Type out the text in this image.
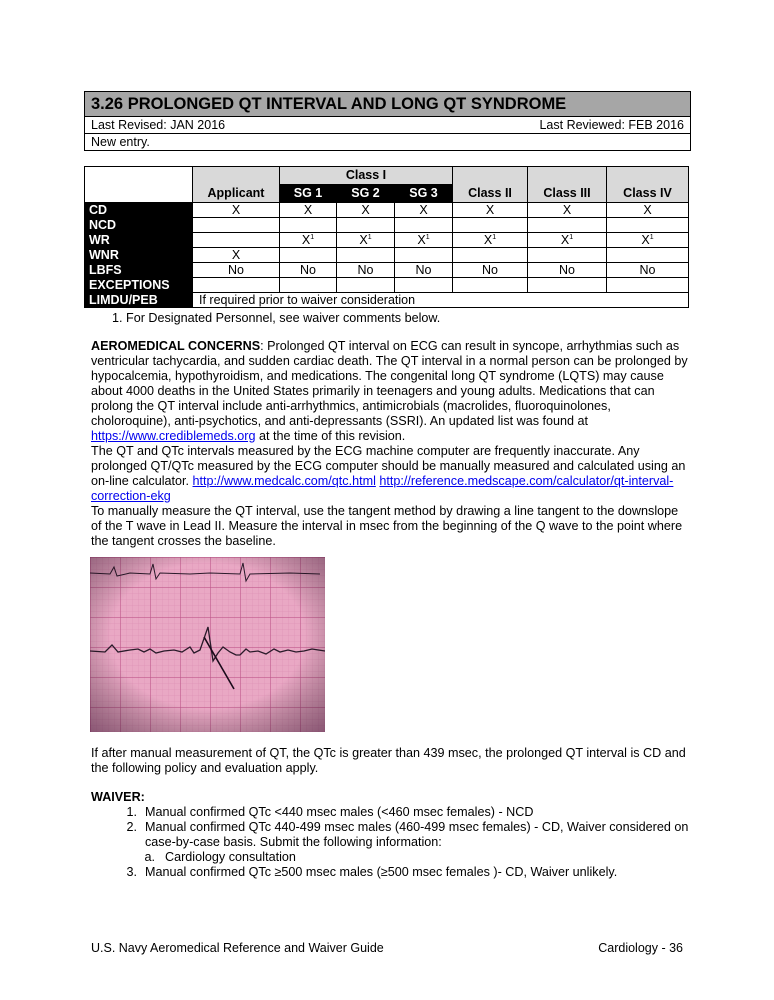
3.26 PROLONGED QT INTERVAL AND LONG QT SYNDROME
Last Revised: JAN 2016	Last Reviewed: FEB 2016
New entry.
	Applicant	Class I			Class II	Class III	Class IV
		SG 1	SG 2	SG 3			
CD	X	X	X	X	X	X	X
NCD							
WR		$X^1$	$X^1$	$X^1$	$X^1$	$X^1$	$X^1$
WNR	X						
LBFS	No	No	No	No	No	No	No
EXCEPTIONS							
LIMDU/PEB	If required prior to waiver consideration						
1. For Designated Personnel, see waiver comments below.
AEROMEDICAL CONCERNS: Prolonged QT interval on ECG can result in syncope, arrhythmias such as ventricular tachycardia, and sudden cardiac death. The QT interval in a normal person can be prolonged by hypocalcemia, hypothyroidism, and medications. The congenital long QT syndrome (LQTS) may cause about 4000 deaths in the United States primarily in teenagers and young adults. Medications that can prolong the QT interval include anti-arrhythmics, antimicrobials (macrolides, fluoroquinolones, choloroquine), anti-psychotics, and anti-depressants (SSRI). An updated list was found at https://www.crediblemeds.org at the time of this revision.
The QT and QTc intervals measured by the ECG machine computer are frequently inaccurate. Any prolonged QT/QTc measured by the ECG computer should be manually measured and calculated using an on-line calculator. http://www.medcalc.com/qtc.html http://reference.medscape.com/calculator/qt-interval-correction-ekg
To manually measure the QT interval, use the tangent method by drawing a line tangent to the downslope of the T wave in Lead II. Measure the interval in msec from the beginning of the Q wave to the point where the tangent crosses the baseline.
If after manual measurement of QT, the QTc is greater than 439 msec, the prolonged QT interval is CD and the following policy and evaluation apply.
WAIVER:
1. Manual confirmed QTc <440 msec males (<460 msec females) - NCD
2. Manual confirmed QTc 440-499 msec males (460-499 msec females) - CD, Waiver considered on case-by-case basis. Submit the following information:
a. Cardiology consultation
3. Manual confirmed QTc ≥500 msec males (≥500 msec females )- CD, Waiver unlikely.
U.S. Navy Aeromedical Reference and Waiver Guide	Cardiology - 36
